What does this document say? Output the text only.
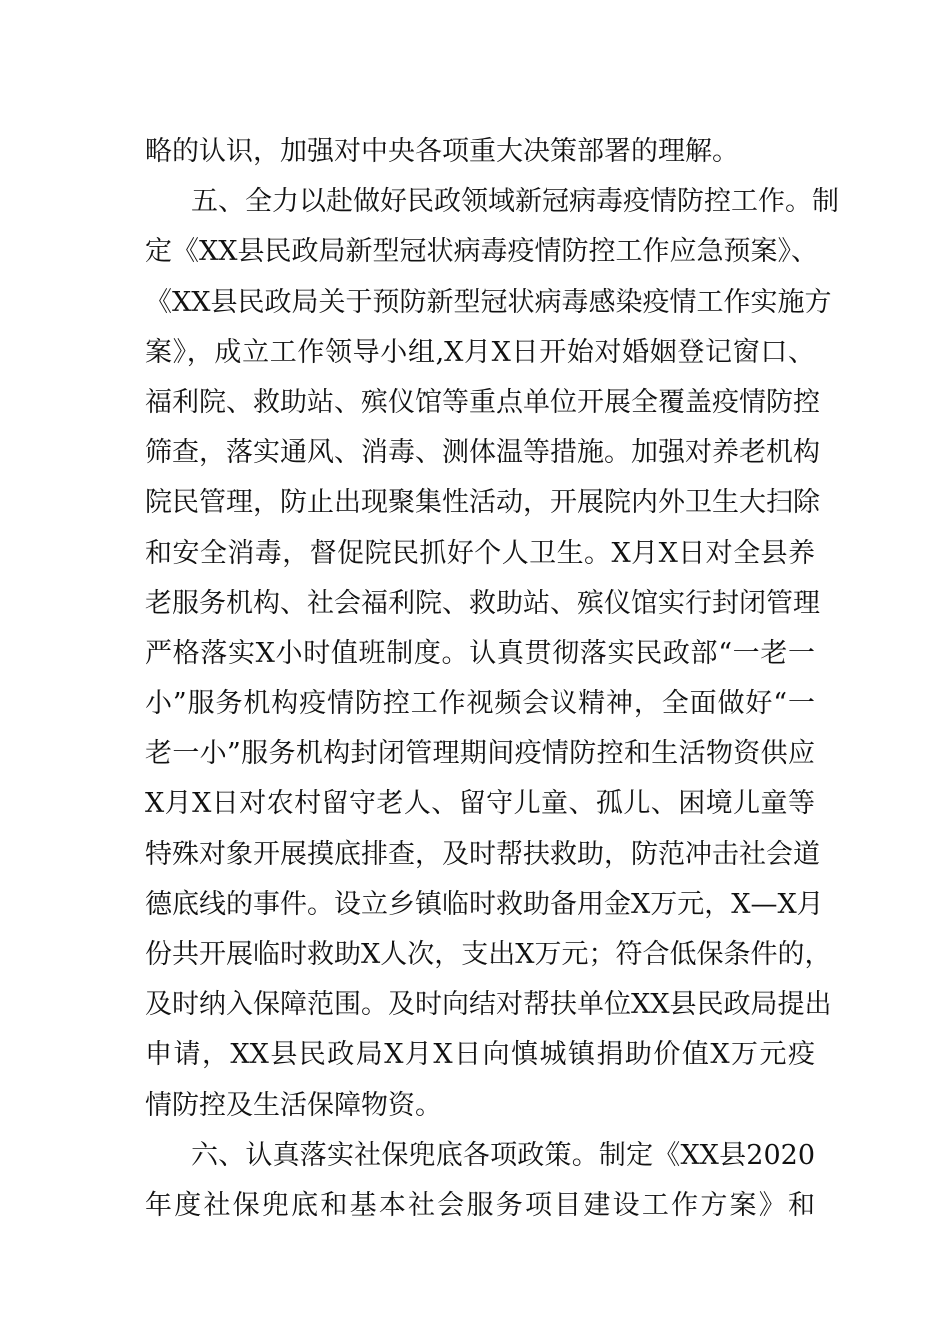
略的认识，加强对中央各项重大决策部署的理解。
五、全力以赴做好民政领域新冠病毒疫情防控工作。制
定《XX县民政局新型冠状病毒疫情防控工作应急预案》、
《XX县民政局关于预防新型冠状病毒感染疫情工作实施方
案》，成立工作领导小组,X月X日开始对婚姻登记窗口、
福利院、救助站、殡仪馆等重点单位开展全覆盖疫情防控
筛查，落实通风、消毒、测体温等措施。加强对养老机构
院民管理，防止出现聚集性活动，开展院内外卫生大扫除
和安全消毒，督促院民抓好个人卫生。X月X日对全县养
老服务机构、社会福利院、救助站、殡仪馆实行封闭管理
严格落实X小时值班制度。认真贯彻落实民政部“一老一
小”服务机构疫情防控工作视频会议精神，全面做好“一
老一小”服务机构封闭管理期间疫情防控和生活物资供应
X月X日对农村留守老人、留守儿童、孤儿、困境儿童等
特殊对象开展摸底排查，及时帮扶救助，防范冲击社会道
德底线的事件。设立乡镇临时救助备用金X万元，X—X月
份共开展临时救助X人次，支出X万元；符合低保条件的，
及时纳入保障范围。及时向结对帮扶单位XX县民政局提出
申请，XX县民政局X月X日向慎城镇捐助价值X万元疫
情防控及生活保障物资。
六、认真落实社保兜底各项政策。制定《XX县2020
年度社保兜底和基本社会服务项目建设工作方案》和
